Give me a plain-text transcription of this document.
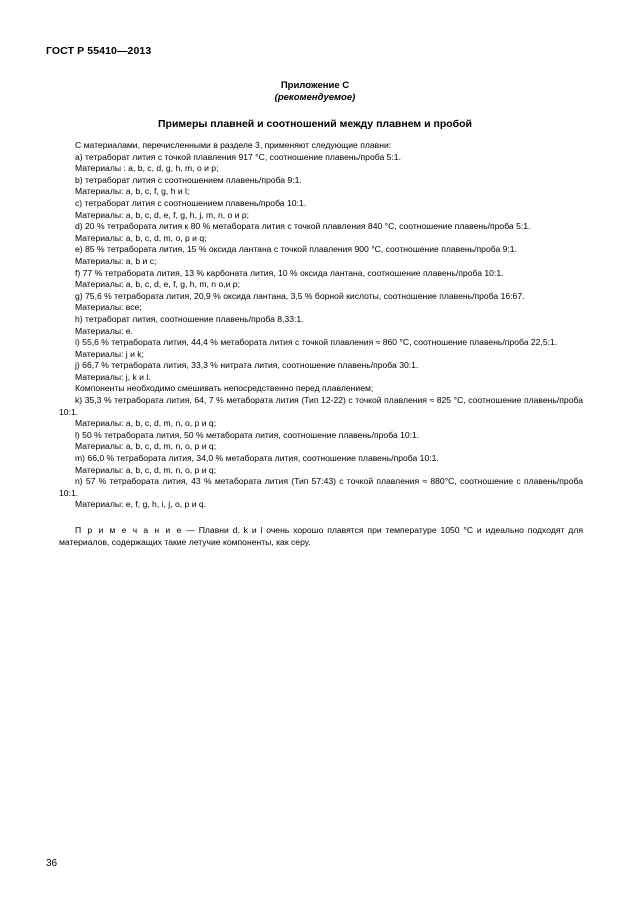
ГОСТ Р 55410—2013
Приложение С
(рекомендуемое)
Примеры плавней и соотношений между плавнем и пробой

С материалами, перечисленными в разделе 3, применяют следующие плавни:

a) тетраборат лития с точкой плавления 917 °С, соотношение плавень/проба 5:1.

Материалы : a, b, c, d, g, h, m, o и p;

b) тетраборат лития с соотношением плавень/проба 9:1.

Материалы: a, b, c, f, g, h и l;

c) тетраборат лития с соотношением плавень/проба 10:1.

Материалы: a, b, c, d, e, f, g, h, j, m, n, o и p;

d) 20 % тетрабората лития к 80 % метабората лития с точкой плавления 840 °С, соотношение плавень/проба 5:1.

Материалы: a, b, c, d, m, o, p и q;

e) 85 % тетрабората лития, 15 % оксида лантана с точкой плавления 900 °С, соотношение плавень/проба 9:1.

Материалы: a, b и c;

f) 77 % тетрабората лития, 13 % карбоната лития, 10 % оксида лантана, соотношение плавень/проба 10:1.

Материалы: a, b, c, d, e, f, g, h, m, n o,и p;

g) 75,6 % тетрабората лития, 20,9 % оксида лантана, 3,5 % борной кислоты, соотношение плавень/проба 16:67.

Материалы: все;

h) тетраборат лития, соотношение плавень/проба 8,33:1.

Материалы: e.

i) 55,6 % тетрабората лития, 44,4 % метабората лития с точкой плавления ≈ 860 °С, соотношение плавень/проба 22,5:1.

Материалы: j и k;

j) 66,7 % тетрабората лития, 33,3 % нитрата лития, соотношение плавень/проба 30:1.

Материалы: j, k и l.

Компоненты необходимо смешивать непосредственно перед плавлением;

k) 35,3 % тетрабората лития, 64, 7 % метабората лития (Тип 12-22) с точкой плавления ≈ 825 °С, соотношение плавень/проба 10:1.

Материалы: a, b, c, d, m, n, o, p и q;

l) 50 % тетрабората лития, 50 % метабората лития, соотношение плавень/проба 10:1.

Материалы: a, b, c, d, m, n, o, p и q;

m) 66,0 % тетрабората лития, 34,0 % метабората лития, соотношение плавень/проба 10:1.

Материалы: a, b, c, d, m, n, o, p и q;

n) 57 % тетрабората лития, 43 % метабората лития (Тип 57:43) с точкой плавления ≈ 880°С, соотношение с плавень/проба 10:1.

Материалы: e, f, g, h, i, j, o, p и q.

П р и м е ч а н и е — Плавни d, k и l очень хорошо плавятся при температуре 1050 °С и идеально подходят для материалов, содержащих такие летучие компоненты, как серу.

36
